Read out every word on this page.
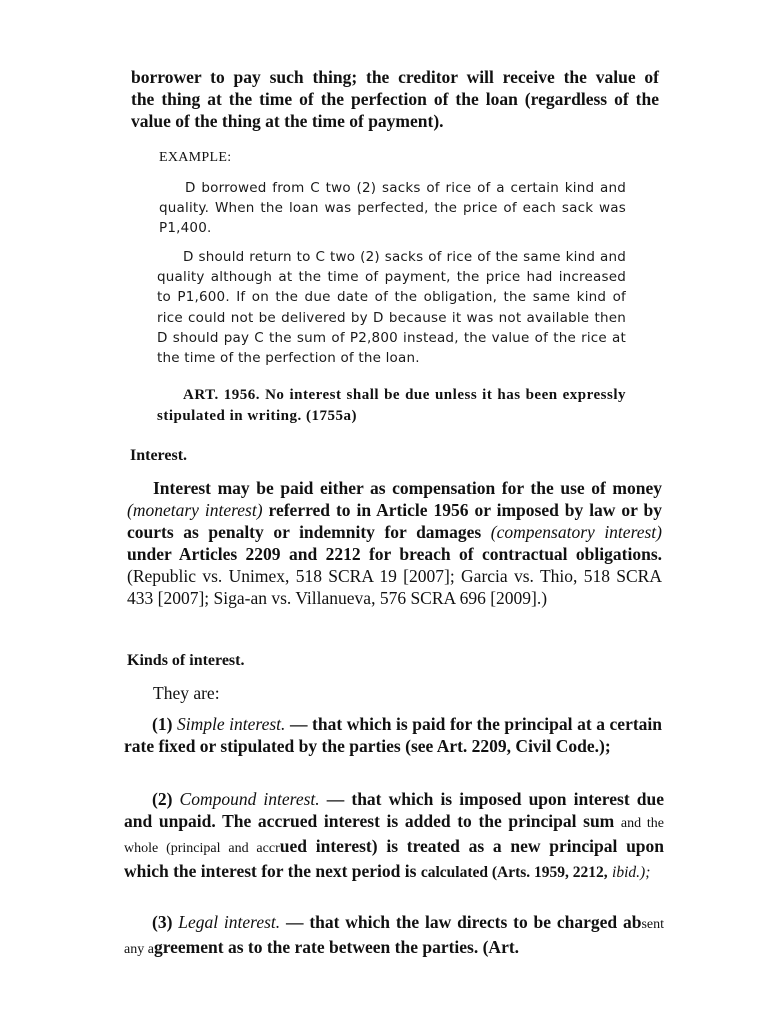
borrower to pay such thing; the creditor will receive the value of
the thing at the time of the perfection of the loan (regardless of the
value of the thing at the time of payment).

EXAMPLE:

D borrowed from C two (2) sacks of rice of a certain kind and quality. When the loan was perfected, the price of each sack was P1,400.

D should return to C two (2) sacks of rice of the same kind and quality although at the time of payment, the price had increased to P1,600. If on the due date of the obligation, the same kind of rice could not be delivered by D because it was not available then D should pay C the sum of P2,800 instead, the value of the rice at the time of the perfection of the loan.

ART. 1956. No interest shall be due unless it has been expressly stipulated in writing. (1755a)

Interest.

Interest may be paid either as compensation for the use of money (monetary interest) referred to in Article 1956 or imposed by law or by courts as penalty or indemnity for damages (compensatory interest) under Articles 2209 and 2212 for breach of contractual obligations. (Republic vs. Unimex, 518 SCRA 19 [2007]; Garcia vs. Thio, 518 SCRA 433 [2007]; Siga-an vs. Villanueva, 576 SCRA 696 [2009].)

Kinds of interest.

They are:

(1) Simple interest. — that which is paid for the principal at a certain rate fixed or stipulated by the parties (see Art. 2209, Civil Code.);

(2) Compound interest. — that which is imposed upon interest due and unpaid. The accrued interest is added to the principal sum and the whole (principal and accrued interest) is treated as a new principal upon which the interest for the next period is calculated (Arts. 1959, 2212, ibid.);

(3) Legal interest. — that which the law directs to be charged absent any agreement as to the rate between the parties. (Art.
